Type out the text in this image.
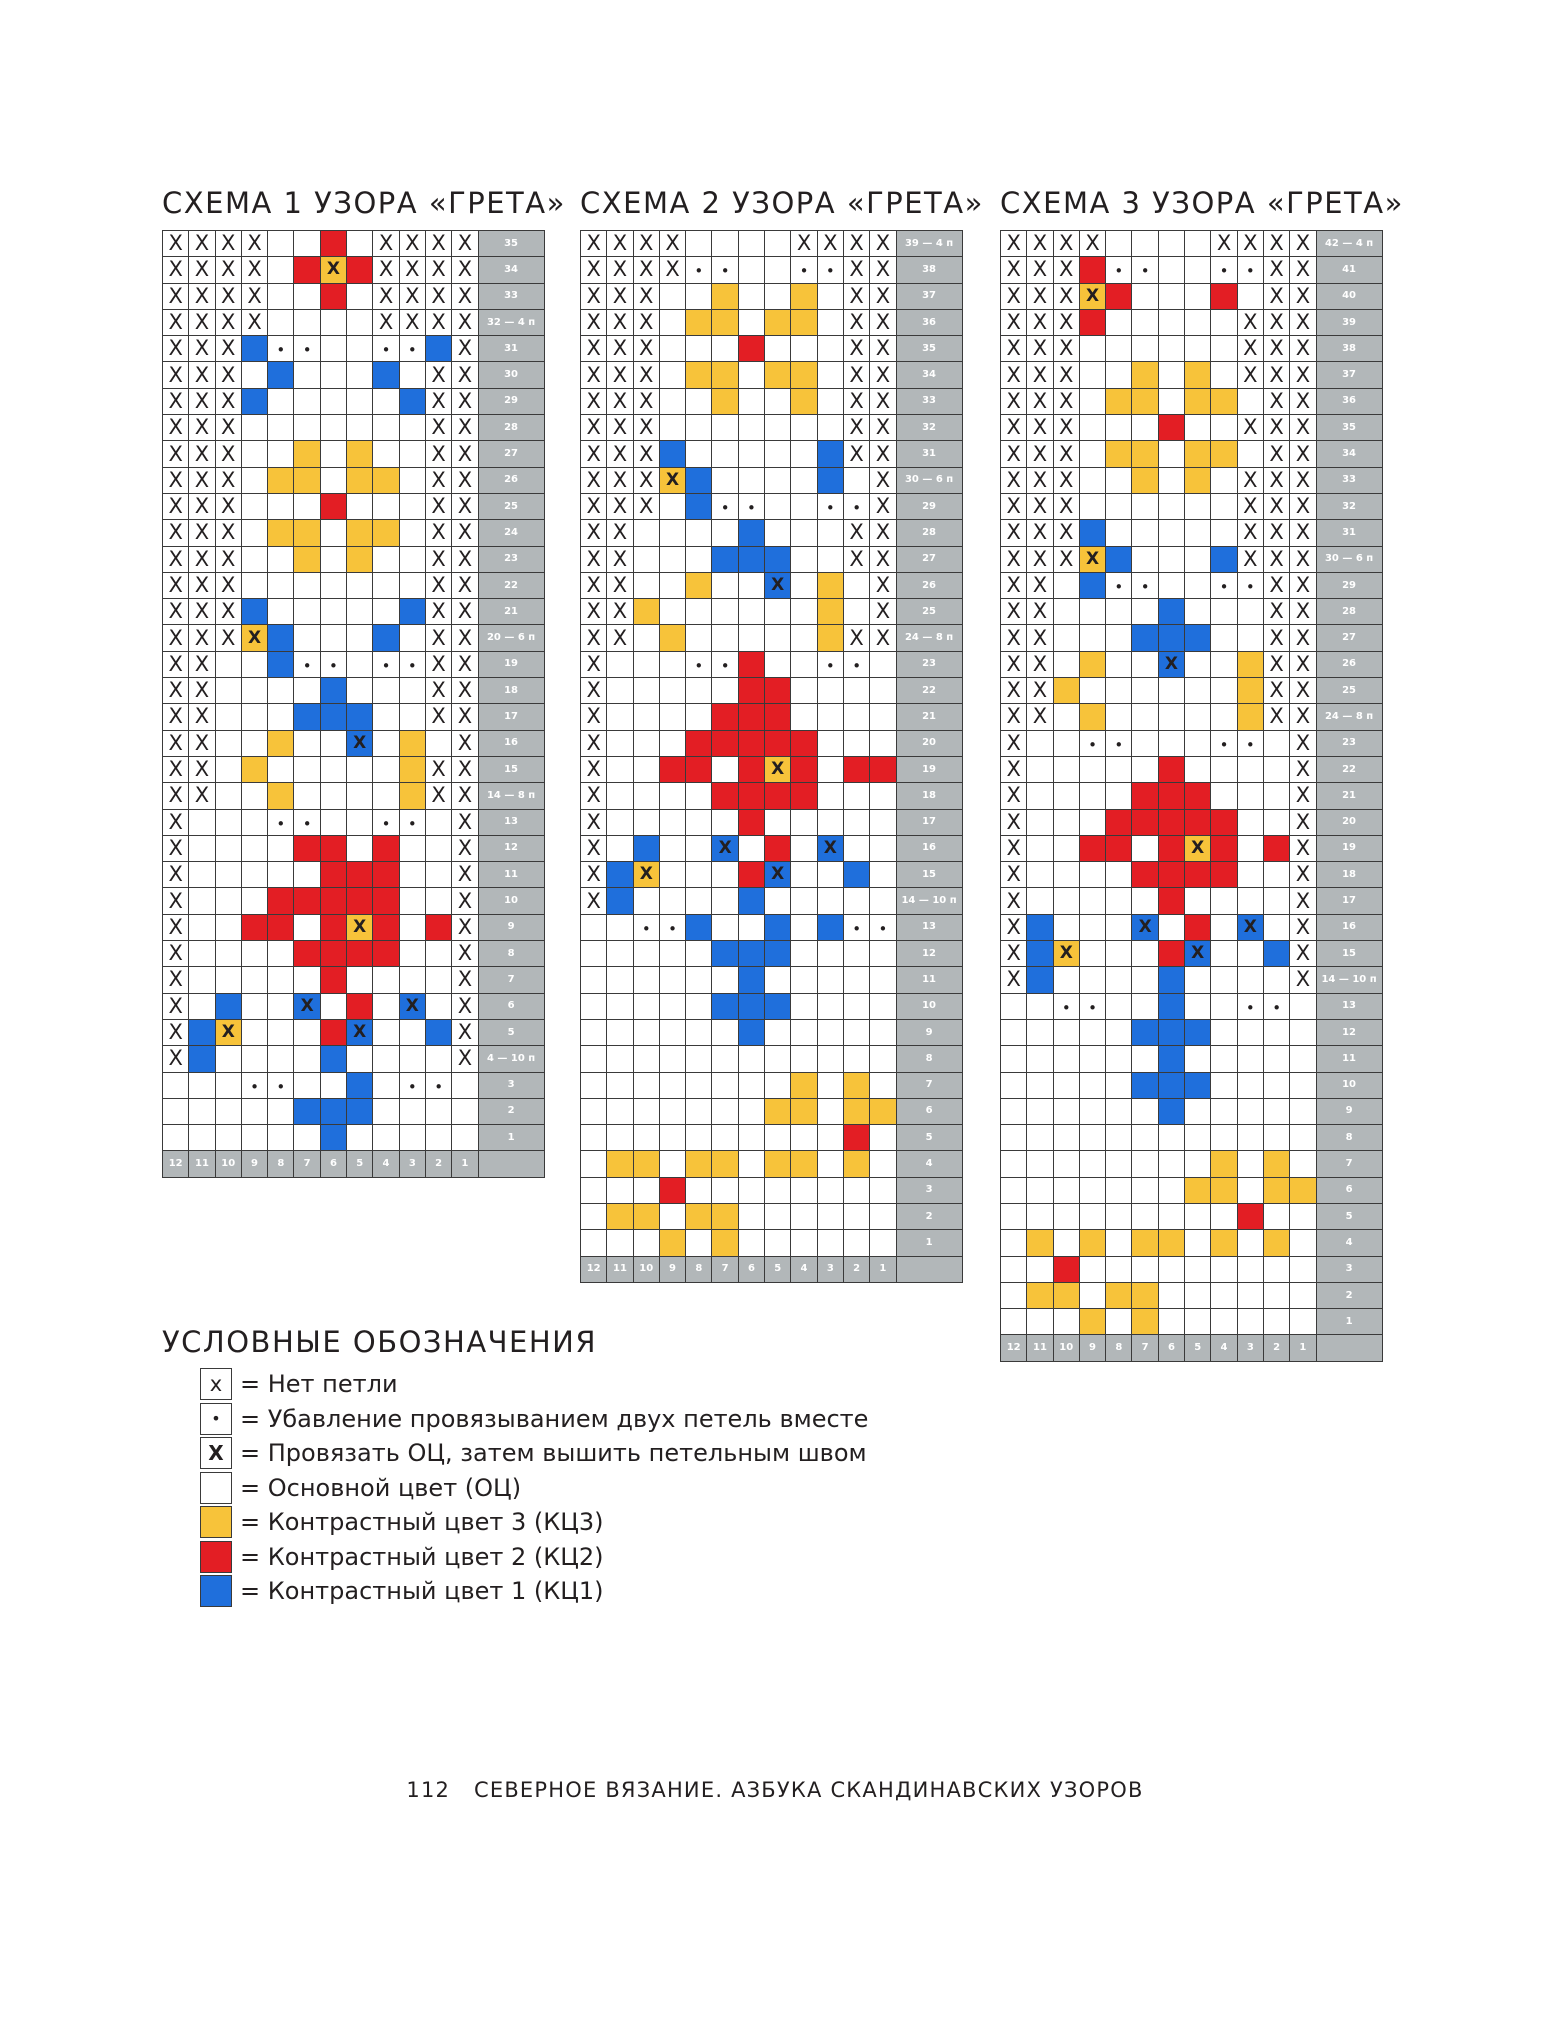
СХЕМА 1 УЗОРА «ГРЕТА» СХЕМА 2 УЗОРА «ГРЕТА» СХЕМА 3 УЗОРА «ГРЕТА»
X	X	X	X					X	X	X	X	35
X	X	X	X			X		X	X	X	X	34
X	X	X	X					X	X	X	X	33
X	X	X	X					X	X	X	X	32 — 4 п
X	X	X		•	•			•	•		X	31
X	X	X								X	X	30
X	X	X								X	X	29
X	X	X								X	X	28
X	X	X								X	X	27
X	X	X								X	X	26
X	X	X								X	X	25
X	X	X								X	X	24
X	X	X								X	X	23
X	X	X								X	X	22
X	X	X								X	X	21
X	X	X	X							X	X	20 — 6 п
X	X				•	•		•	•	X	X	19
X	X									X	X	18
X	X									X	X	17
X	X						X				X	16
X	X									X	X	15
X	X									X	X	14 — 8 п
X				•	•			•	•		X	13
X											X	12
X											X	11
X											X	10
X							X				X	9
X											X	8
X											X	7
X					X				X		X	6
X		X					X				X	5
X											X	4 — 10 п
			•	•					•	•		3
												2
												1
12	11	10	9	8	7	6	5	4	3	2	1	
X	X	X	X					X	X	X	X	39 — 4 п
X	X	X	X	•	•			•	•	X	X	38
X	X	X								X	X	37
X	X	X								X	X	36
X	X	X								X	X	35
X	X	X								X	X	34
X	X	X								X	X	33
X	X	X								X	X	32
X	X	X								X	X	31
X	X	X	X								X	30 — 6 п
X	X	X			•	•			•	•	X	29
X	X									X	X	28
X	X									X	X	27
X	X						X				X	26
X	X										X	25
X	X									X	X	24 — 8 п
X				•	•				•	•		23
X												22
X												21
X												20
X							X					19
X												18
X												17
X					X				X			16
X		X					X					15
X												14 — 10 п
		•	•							•	•	13
												12
												11
												10
												9
												8
												7
												6
												5
												4
												3
												2
												1
12	11	10	9	8	7	6	5	4	3	2	1	
X	X	X	X					X	X	X	X	42 — 4 п
X	X	X		•	•			•	•	X	X	41
X	X	X	X							X	X	40
X	X	X							X	X	X	39
X	X	X							X	X	X	38
X	X	X							X	X	X	37
X	X	X								X	X	36
X	X	X							X	X	X	35
X	X	X								X	X	34
X	X	X							X	X	X	33
X	X	X							X	X	X	32
X	X	X							X	X	X	31
X	X	X	X						X	X	X	30 — 6 п
X	X			•	•			•	•	X	X	29
X	X									X	X	28
X	X									X	X	27
X	X					X				X	X	26
X	X									X	X	25
X	X									X	X	24 — 8 п
X			•	•				•	•		X	23
X											X	22
X											X	21
X											X	20
X							X				X	19
X											X	18
X											X	17
X					X				X		X	16
X		X					X				X	15
X											X	14 — 10 п
		•	•						•	•		13
												12
												11
												10
												9
												8
												7
												6
												5
												4
												3
												2
												1
12	11	10	9	8	7	6	5	4	3	2	1	
УСЛОВНЫЕ ОБОЗНАЧЕНИЯ
x = Нет петли
• = Убавление провязыванием двух петель вместе
X = Провязать ОЦ, затем вышить петельным швом
= Основной цвет (ОЦ)
= Контрастный цвет 3 (КЦ3)
= Контрастный цвет 2 (КЦ2)
= Контрастный цвет 1 (КЦ1)
112 СЕВЕРНОЕ ВЯЗАНИЕ. АЗБУКА СКАНДИНАВСКИХ УЗОРОВ
